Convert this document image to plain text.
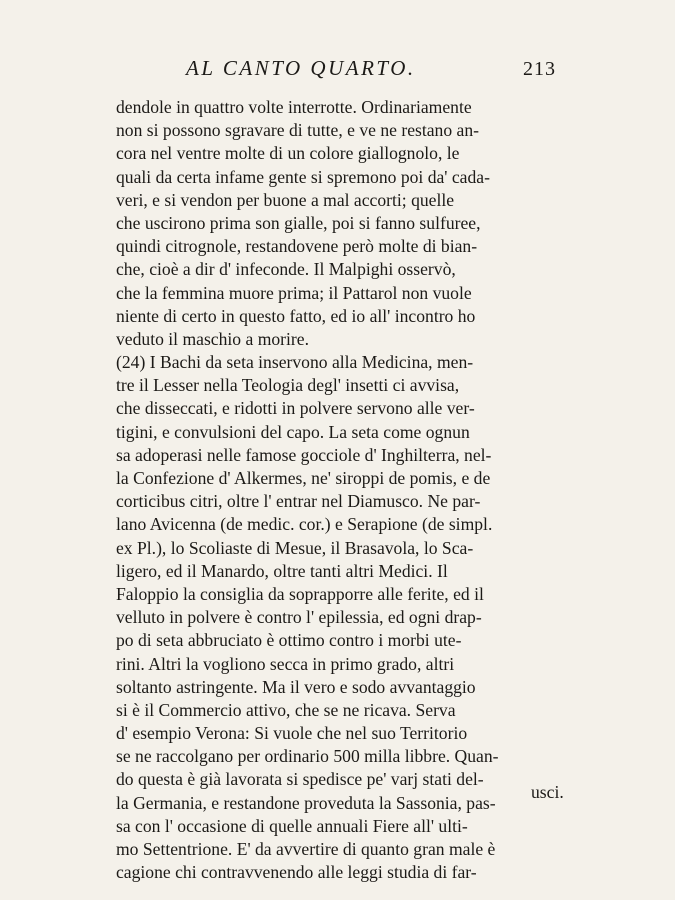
AL CANTO QUARTO.	213
dendole in quattro volte interrotte. Ordinariamente
non si possono sgravare di tutte, e ve ne restano an-
cora nel ventre molte di un colore giallognolo, le
quali da certa infame gente si spremono poi da' cada-
veri, e si vendon per buone a mal accorti; quelle
che uscirono prima son gialle, poi si fanno sulfuree,
quindi citrognole, restandovene però molte di bian-
che, cioè a dir d' infeconde. Il Malpighi osservò,
che la femmina muore prima; il Pattarol non vuole
niente di certo in questo fatto, ed io all' incontro ho
veduto il maschio a morire.
(24) I Bachi da seta inservono alla Medicina, men-
tre il Lesser nella Teologia degl' insetti ci avvisa,
che disseccati, e ridotti in polvere servono alle ver-
tigini, e convulsioni del capo. La seta come ognun
sa adoperasi nelle famose gocciole d' Inghilterra, nel-
la Confezione d' Alkermes, ne' siroppi de pomis, e de
corticibus citri, oltre l' entrar nel Diamusco. Ne par-
lano Avicenna (de medic. cor.) e Serapione (de simpl.
ex Pl.), lo Scoliaste di Mesue, il Brasavola, lo Sca-
ligero, ed il Manardo, oltre tanti altri Medici. Il
Faloppio la consiglia da soprapporre alle ferite, ed il
velluto in polvere è contro l' epilessia, ed ogni drap-
po di seta abbruciato è ottimo contro i morbi ute-
rini. Altri la vogliono secca in primo grado, altri
soltanto astringente. Ma il vero e sodo avvantaggio
si è il Commercio attivo, che se ne ricava. Serva
d' esempio Verona: Si vuole che nel suo Territorio
se ne raccolgano per ordinario 500 milla libbre. Quan-
do questa è già lavorata si spedisce pe' varj stati del-
la Germania, e restandone proveduta la Sassonia, pas-
sa con l' occasione di quelle annuali Fiere all' ulti-
mo Settentrione. E' da avvertire di quanto gran male è
cagione chi contravvenendo alle leggi studia di far-
usci.
